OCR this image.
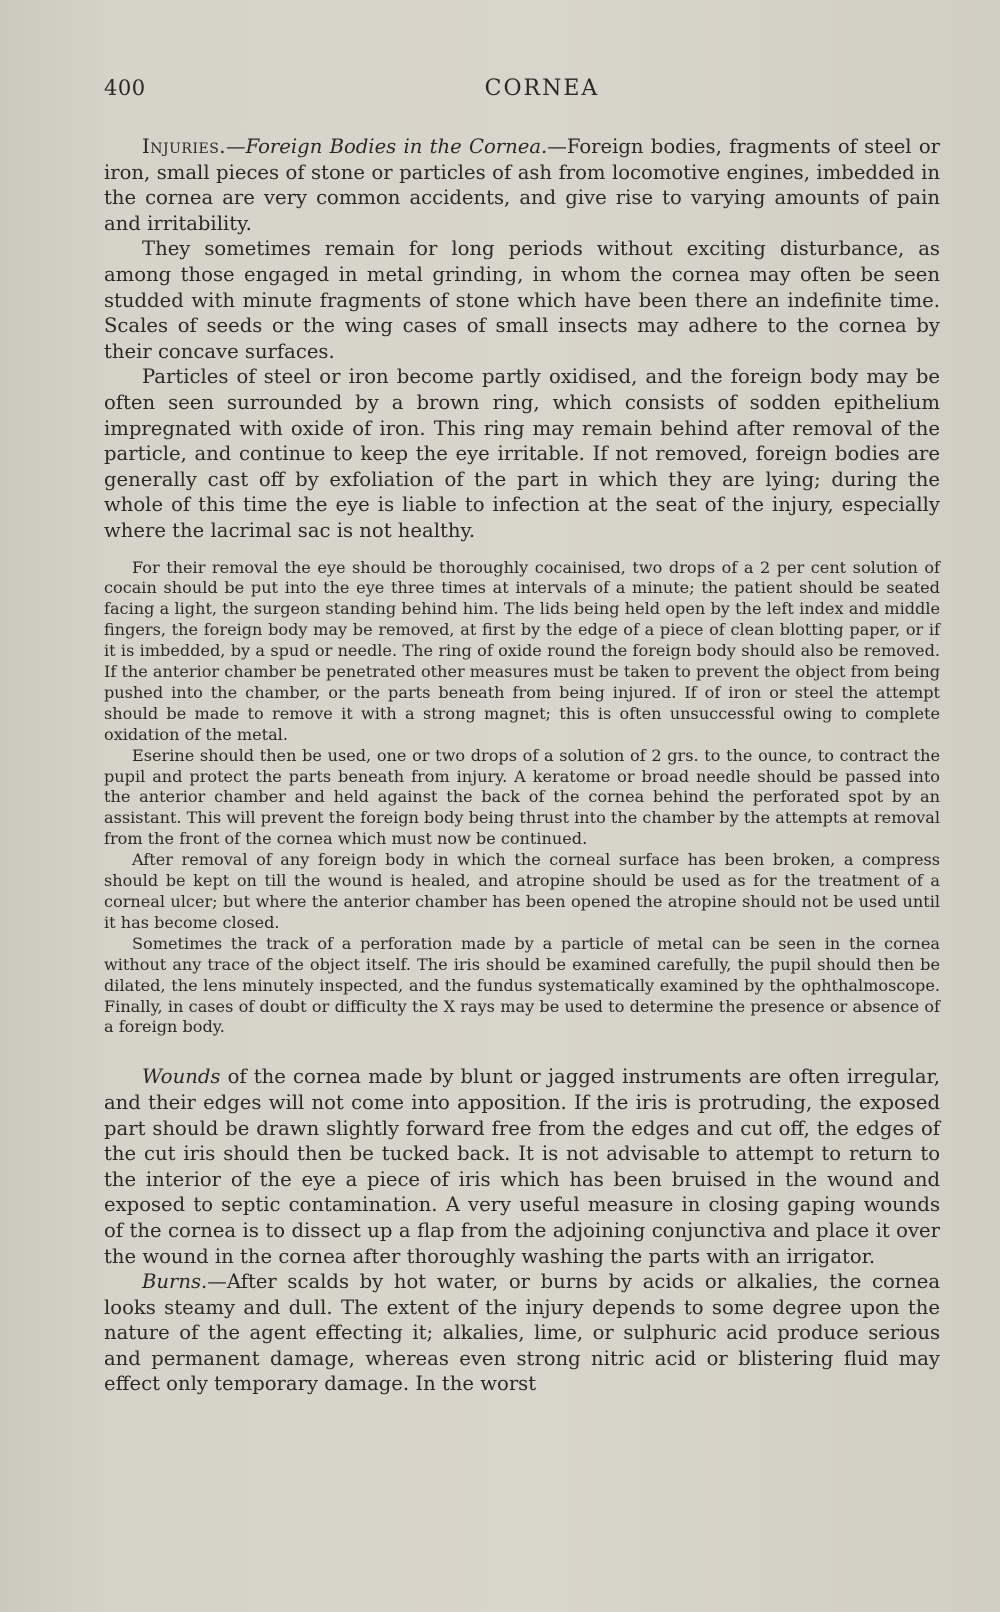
400	CORNEA

Injuries.—Foreign Bodies in the Cornea.—Foreign bodies, fragments of steel or iron, small pieces of stone or particles of ash from locomotive engines, imbedded in the cornea are very common accidents, and give rise to varying amounts of pain and irritability.

They sometimes remain for long periods without exciting disturbance, as among those engaged in metal grinding, in whom the cornea may often be seen studded with minute fragments of stone which have been there an indefinite time. Scales of seeds or the wing cases of small insects may adhere to the cornea by their concave surfaces.

Particles of steel or iron become partly oxidised, and the foreign body may be often seen surrounded by a brown ring, which consists of sodden epithelium impregnated with oxide of iron. This ring may remain behind after removal of the particle, and continue to keep the eye irritable. If not removed, foreign bodies are generally cast off by exfoliation of the part in which they are lying; during the whole of this time the eye is liable to infection at the seat of the injury, especially where the lacrimal sac is not healthy.

For their removal the eye should be thoroughly cocainised, two drops of a 2 per cent solution of cocain should be put into the eye three times at intervals of a minute; the patient should be seated facing a light, the surgeon standing behind him. The lids being held open by the left index and middle fingers, the foreign body may be removed, at first by the edge of a piece of clean blotting paper, or if it is imbedded, by a spud or needle. The ring of oxide round the foreign body should also be removed. If the anterior chamber be penetrated other measures must be taken to prevent the object from being pushed into the chamber, or the parts beneath from being injured. If of iron or steel the attempt should be made to remove it with a strong magnet; this is often unsuccessful owing to complete oxidation of the metal.

Eserine should then be used, one or two drops of a solution of 2 grs. to the ounce, to contract the pupil and protect the parts beneath from injury. A keratome or broad needle should be passed into the anterior chamber and held against the back of the cornea behind the perforated spot by an assistant. This will prevent the foreign body being thrust into the chamber by the attempts at removal from the front of the cornea which must now be continued.

After removal of any foreign body in which the corneal surface has been broken, a compress should be kept on till the wound is healed, and atropine should be used as for the treatment of a corneal ulcer; but where the anterior chamber has been opened the atropine should not be used until it has become closed.

Sometimes the track of a perforation made by a particle of metal can be seen in the cornea without any trace of the object itself. The iris should be examined carefully, the pupil should then be dilated, the lens minutely inspected, and the fundus systematically examined by the ophthalmoscope. Finally, in cases of doubt or difficulty the X rays may be used to determine the presence or absence of a foreign body.

Wounds of the cornea made by blunt or jagged instruments are often irregular, and their edges will not come into apposition. If the iris is protruding, the exposed part should be drawn slightly forward free from the edges and cut off, the edges of the cut iris should then be tucked back. It is not advisable to attempt to return to the interior of the eye a piece of iris which has been bruised in the wound and exposed to septic contamination. A very useful measure in closing gaping wounds of the cornea is to dissect up a flap from the adjoining conjunctiva and place it over the wound in the cornea after thoroughly washing the parts with an irrigator.

Burns.—After scalds by hot water, or burns by acids or alkalies, the cornea looks steamy and dull. The extent of the injury depends to some degree upon the nature of the agent effecting it; alkalies, lime, or sulphuric acid produce serious and permanent damage, whereas even strong nitric acid or blistering fluid may effect only temporary damage. In the worst
